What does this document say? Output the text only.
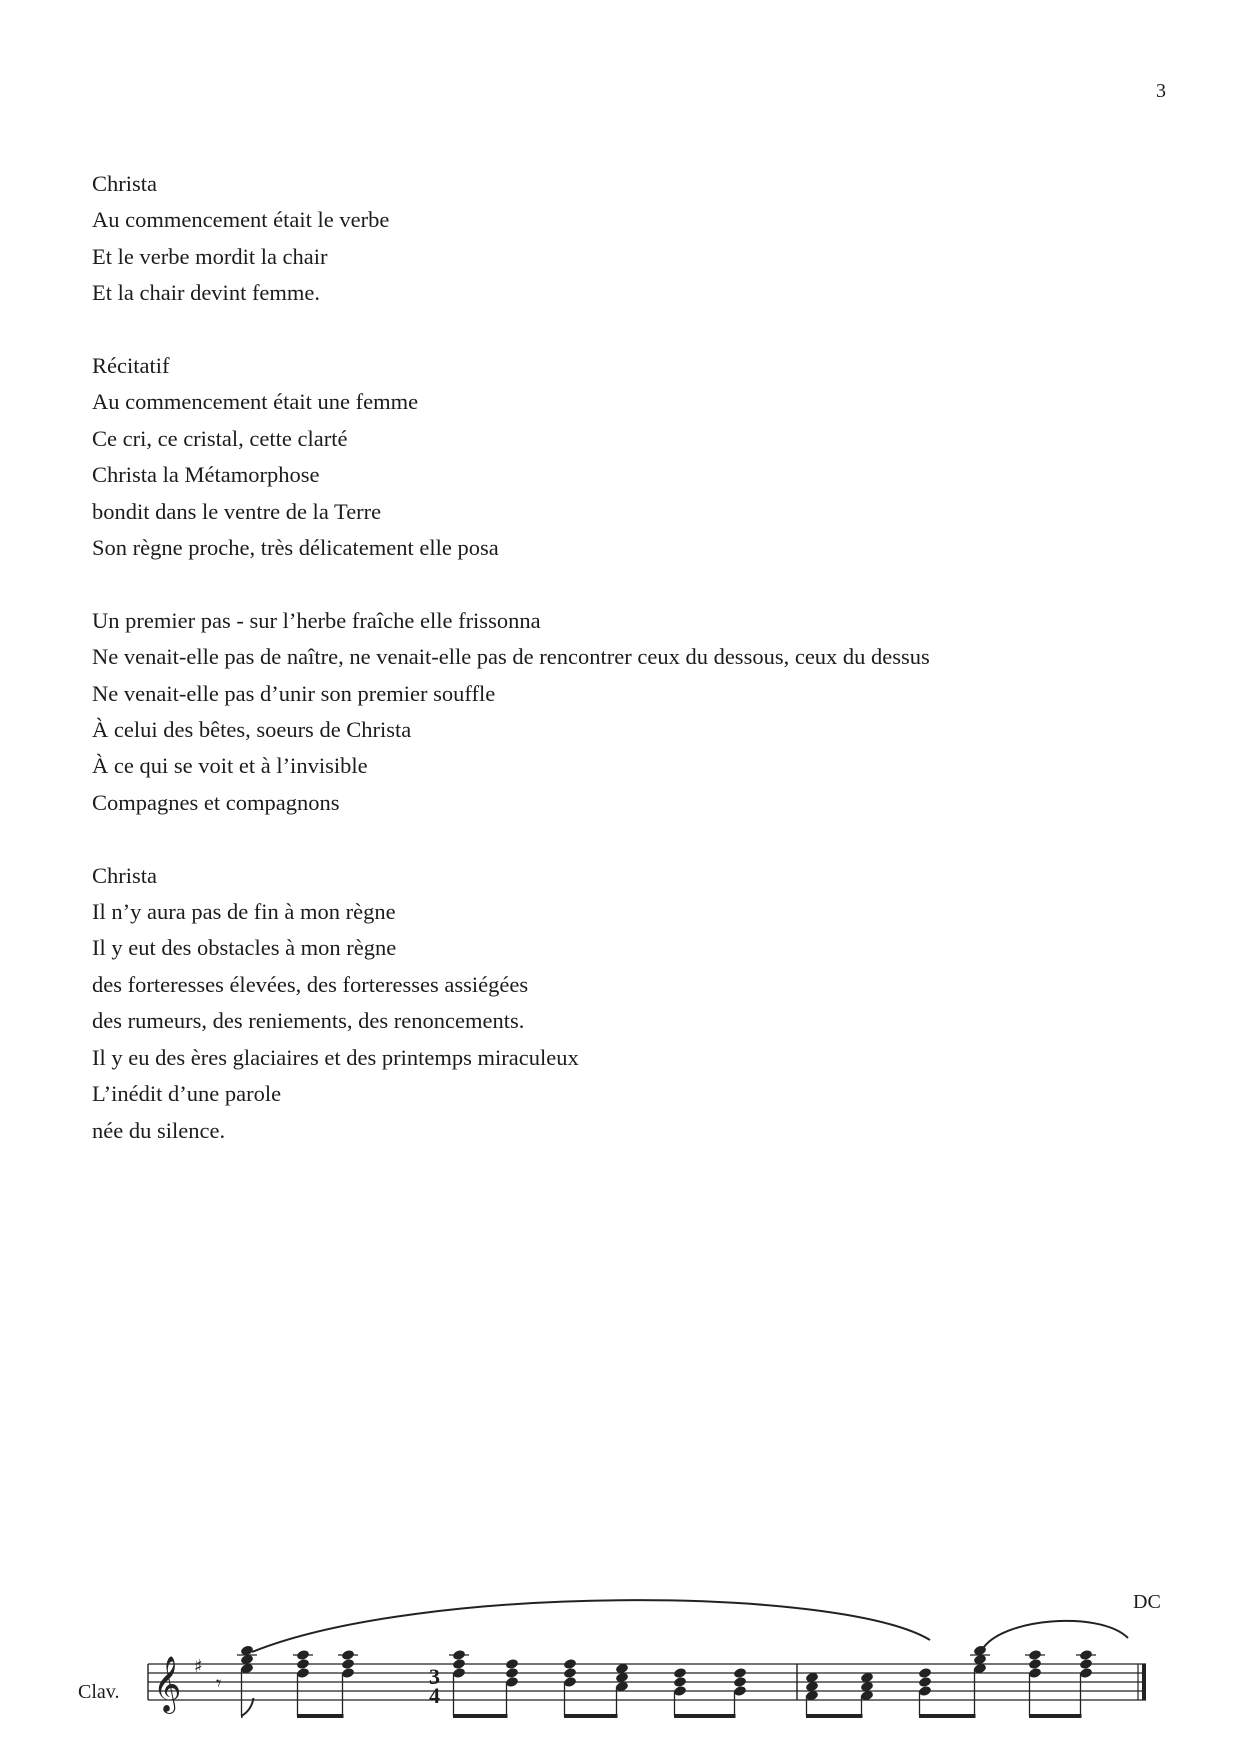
3
Christa
Au commencement était le verbe
Et le verbe mordit la chair
Et la chair devint femme.
Récitatif
Au commencement était une femme
Ce cri, ce cristal, cette clarté
Christa la Métamorphose
bondit dans le ventre de la Terre
Son règne proche, très délicatement elle posa
Un premier pas - sur l’herbe fraîche elle frissonna
Ne venait-elle pas de naître, ne venait-elle pas de rencontrer ceux du dessous, ceux du dessus
Ne venait-elle pas d’unir son premier souffle
À celui des bêtes, soeurs de Christa
À ce qui se voit et à l’invisible
Compagnes et compagnons
Christa
Il n’y aura pas de fin à mon règne
Il y eut des obstacles à mon règne
des forteresses élevées, des forteresses assiégées
des rumeurs, des reniements, des renoncements.
Il y eu des ères glaciaires et des printemps miraculeux
L’inédit d’une parole
née du silence.
Clav.
DC
3
4
𝄞 ♯
𝄾
